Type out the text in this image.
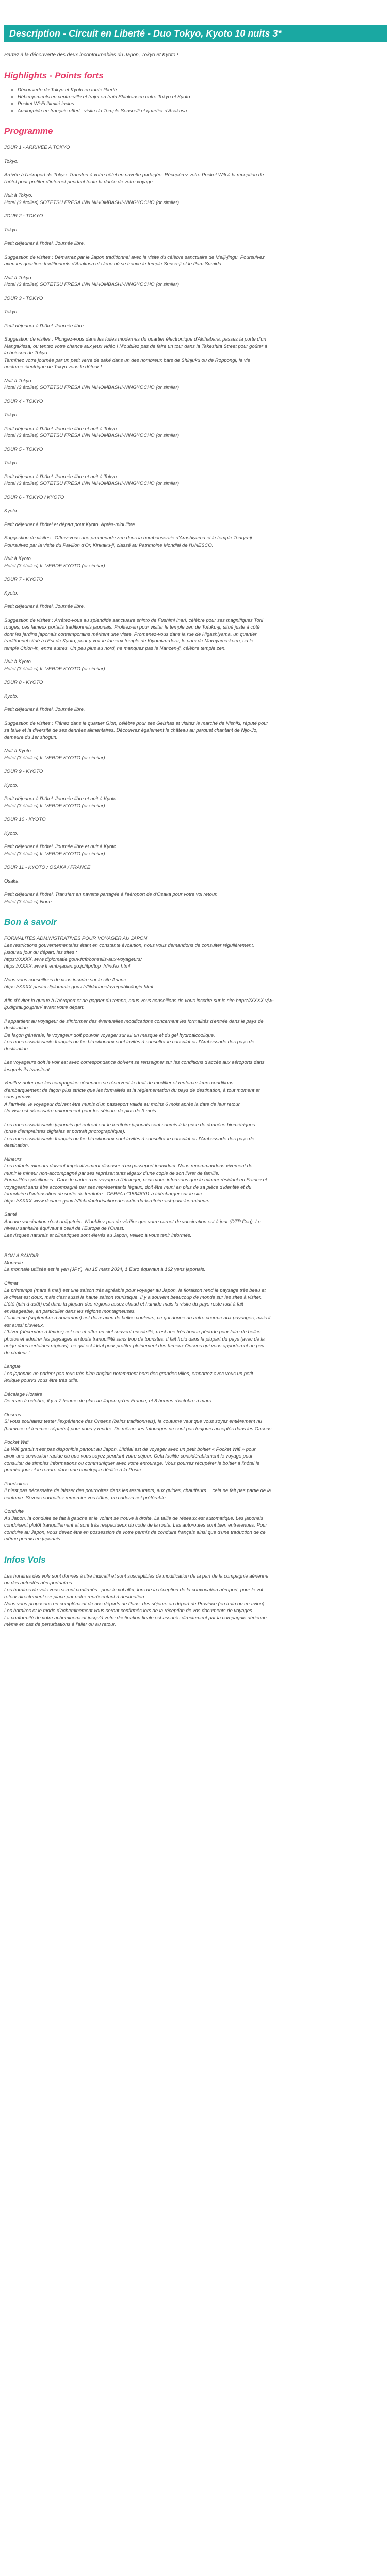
Description - Circuit en Liberté - Duo Tokyo, Kyoto 10 nuits 3*

Partez à la découverte des deux incontournables du Japon, Tokyo et Kyoto !

Highlights - Points forts
• Découverte de Tokyo et Kyoto en toute liberté
• Hébergements en centre-ville et trajet en train Shinkansen entre Tokyo et Kyoto
• Pocket Wi-Fi illimité inclus
• Audioguide en français offert : visite du Temple Senso-Ji et quartier d'Asakusa
Programme

JOUR 1 - ARRIVEE A TOKYO

Tokyo.

Arrivée à l'aéroport de Tokyo. Transfert à votre hôtel en navette partagée. Récupérez votre Pocket Wifi à la réception de

l'hôtel pour profiter d'internet pendant toute la durée de votre voyage.

Nuit à Tokyo.

Hotel (3 étoiles) SOTETSU FRESA INN NIHOMBASHI-NINGYOCHO (or similar)

JOUR 2 - TOKYO

Tokyo.

Petit déjeuner à l'hôtel. Journée libre.

Suggestion de visites : Démarrez par le Japon traditionnel avec la visite du célèbre sanctuaire de Meiji-jingu. Poursuivez

avec les quartiers traditionnels d'Asakusa et Ueno où se trouve le temple Senso-ji et le Parc Sumida.

Nuit à Tokyo.

Hotel (3 étoiles) SOTETSU FRESA INN NIHOMBASHI-NINGYOCHO (or similar)

JOUR 3 - TOKYO

Tokyo.

Petit déjeuner à l'hôtel. Journée libre.

Suggestion de visites : Plongez-vous dans les folles modernes du quartier électronique d'Akihabara, passez la porte d'un

Mangakissa, ou tentez votre chance aux jeux vidéo ! N'oubliez pas de faire un tour dans la Takeshita Street pour goûter à

la boisson de Tokyo.

Terminez votre journée par un petit verre de saké dans un des nombreux bars de Shinjuku ou de Roppongi, la vie

nocturne électrique de Tokyo vous le détour !

Nuit à Tokyo.

Hotel (3 étoiles) SOTETSU FRESA INN NIHOMBASHI-NINGYOCHO (or similar)

JOUR 4 - TOKYO

Tokyo.

Petit déjeuner à l'hôtel. Journée libre et nuit à Tokyo.

Hotel (3 étoiles) SOTETSU FRESA INN NIHOMBASHI-NINGYOCHO (or similar)

JOUR 5 - TOKYO

Tokyo.

Petit déjeuner à l'hôtel. Journée libre et nuit à Tokyo.

Hotel (3 étoiles) SOTETSU FRESA INN NIHOMBASHI-NINGYOCHO (or similar)

JOUR 6 - TOKYO / KYOTO

Kyoto.

Petit déjeuner à l'hôtel et départ pour Kyoto. Après-midi libre.

Suggestion de visites : Offrez-vous une promenade zen dans la bambouseraie d'Arashiyama et le temple Tenryu-ji.

Poursuivez par la visite du Pavillon d'Or, Kinkaku-ji, classé au Patrimoine Mondial de l'UNESCO.

Nuit à Kyoto.

Hotel (3 étoiles) IL VERDE KYOTO (or similar)

JOUR 7 - KYOTO

Kyoto.

Petit déjeuner à l'hôtel. Journée libre.

Suggestion de visites : Arrêtez-vous au splendide sanctuaire shinto de Fushimi Inari, célèbre pour ses magnifiques Torii

rouges, ces fameux portails traditionnels japonais. Profitez-en pour visiter le temple zen de Tofuku-ji, situé juste à côté

dont les jardins japonais contemporains méritent une visite. Promenez-vous dans la rue de Higashiyama, un quartier

traditionnel situé à l'Est de Kyoto, pour y voir le fameux temple de Kiyomizu-dera, le parc de Maruyama-koen, ou le

temple Chion-in, entre autres. Un peu plus au nord, ne manquez pas le Nanzen-ji, célèbre temple zen.

Nuit à Kyoto.

Hotel (3 étoiles) IL VERDE KYOTO (or similar)

JOUR 8 - KYOTO

Kyoto.

Petit déjeuner à l'hôtel. Journée libre.

Suggestion de visites : Flânez dans le quartier Gion, célèbre pour ses Geishas et visitez le marché de Nishiki, réputé pour

sa taille et la diversité de ses denrées alimentaires. Découvrez également le château au parquet chantant de Nijo-Jo,

demeure du 1er shogun.

Nuit à Kyoto.

Hotel (3 étoiles) IL VERDE KYOTO (or similar)

JOUR 9 - KYOTO

Kyoto.

Petit déjeuner à l'hôtel. Journée libre et nuit à Kyoto.

Hotel (3 étoiles) IL VERDE KYOTO (or similar)

JOUR 10 - KYOTO

Kyoto.

Petit déjeuner à l'hôtel. Journée libre et nuit à Kyoto.

Hotel (3 étoiles) IL VERDE KYOTO (or similar)

JOUR 11 - KYOTO / OSAKA / FRANCE

Osaka.

Petit déjeuner à l'hôtel. Transfert en navette partagée à l'aéroport de d'Osaka pour votre vol retour.

Hotel (3 étoiles) None.

Bon à savoir

FORMALITES ADMINISTRATIVES POUR VOYAGER AU JAPON

Les restrictions gouvernementales étant en constante évolution, nous vous demandons de consulter régulièrement,

jusqu'au jour du départ, les sites :

https://XXXX.www.diplomatie.gouv.fr/fr/conseils-aux-voyageurs/

https://XXXX.www.fr.emb-japan.go.jp/itpr/top_fr/index.html

Nous vous conseillons de vous inscrire sur le site Ariane :

https://XXXX.pastel.diplomatie.gouv.fr/fildariane/dyn/public/login.html

Afin d'éviter la queue à l'aéroport et de gagner du temps, nous vous conseillons de vous inscrire sur le site https://XXXX.vjw-

lp.digital.go.jp/en/ avant votre départ.

Il appartient au voyageur de s'informer des éventuelles modifications concernant les formalités d'entrée dans le pays de

destination.

De façon générale, le voyageur doit pouvoir voyager sur lui un masque et du gel hydroalcoolique.

Les non-ressortissants français ou les bi-nationaux sont invités à consulter le consulat ou l'Ambassade des pays de

destination.

Les voyageurs doit le voir est avec correspondance doivent se renseigner sur les conditions d'accès aux aéroports dans

lesquels ils transitent.

Veuillez noter que les compagnies aériennes se réservent le droit de modifier et renforcer leurs conditions

d'embarquement de façon plus stricte que les formalités et la réglementation du pays de destination, à tout moment et

sans préavis.

A l'arrivée, le voyageur doivent être munis d'un passeport valide au moins 6 mois après la date de leur retour.

Un visa est nécessaire uniquement pour les séjours de plus de 3 mois.

Les non-ressortissants japonais qui entrent sur le territoire japonais sont soumis à la prise de données biométriques

(prise d'empreintes digitales et portrait photographique).

Les non-ressortissants français ou les bi-nationaux sont invités à consulter le consulat ou l'Ambassade des pays de

destination.

Mineurs

Les enfants mineurs doivent impérativement disposer d'un passeport individuel. Nous recommandons vivement de

munir le mineur non-accompagné par ses représentants légaux d'une copie de son livret de famille.

Formalités spécifiques : Dans le cadre d'un voyage à l'étranger, nous vous informons que le mineur résidant en France et

voyageant sans être accompagné par ses représentants légaux, doit être muni en plus de sa pièce d'identité et du

formulaire d'autorisation de sortie de territoire : CERFA n°15646*01 à télécharger sur le site :

https://XXXX.www.douane.gouv.fr/fiche/autorisation-de-sortie-du-territoire-ast-pour-les-mineurs

Santé

Aucune vaccination n'est obligatoire. N'oubliez pas de vérifier que votre carnet de vaccination est à jour (DTP Coq). Le

niveau sanitaire équivaut à celui de l'Europe de l'Ouest.

Les risques naturels et climatiques sont élevés au Japon, veillez à vous tenir informés.

BON A SAVOIR

Monnaie

La monnaie utilisée est le yen (JPY). Au 15 mars 2024, 1 Euro équivaut à 162 yens japonais.

Climat

Le printemps (mars à mai) est une saison très agréable pour voyager au Japon, la floraison rend le paysage très beau et

le climat est doux, mais c'est aussi la haute saison touristique. Il y a souvent beaucoup de monde sur les sites à visiter.

L'été (juin à août) est dans la plupart des régions assez chaud et humide mais la visite du pays reste tout à fait

envisageable, en particulier dans les régions montagneuses.

L'automne (septembre à novembre) est doux avec de belles couleurs, ce qui donne un autre charme aux paysages, mais il

est aussi pluvieux.

L'hiver (décembre à février) est sec et offre un ciel souvent ensoleillé, c'est une très bonne période pour faire de belles

photos et admirer les paysages en toute tranquillité sans trop de touristes. Il fait froid dans la plupart du pays (avec de la

neige dans certaines régions), ce qui est idéal pour profiter pleinement des fameux Onsens qui vous apporteront un peu

de chaleur !

Langue

Les japonais ne parlent pas tous très bien anglais notamment hors des grandes villes, emportez avec vous un petit

lexique pourvu vous être très utile.

Décalage Horaire

De mars à octobre, il y a 7 heures de plus au Japon qu'en France, et 8 heures d'octobre à mars.

Onsens

Si vous souhaitez tester l'expérience des Onsens (bains traditionnels), la coutume veut que vous soyez entièrement nu

(hommes et femmes séparés) pour vous y rendre. De même, les tatouages ne sont pas toujours acceptés dans les Onsens.

Pocket Wifi

Le Wifi gratuit n'est pas disponible partout au Japon. L'idéal est de voyager avec un petit boitier « Pocket Wifi » pour

avoir une connexion rapide où que vous soyez pendant votre séjour. Cela facilite considérablement le voyage pour

consulter de simples informations ou communiquer avec votre entourage. Vous pourrez récupérer le boîtier à l'hôtel le

premier jour et le rendre dans une enveloppe dédiée à la Poste.

Pourboires

Il n'est pas nécessaire de laisser des pourboires dans les restaurants, aux guides, chauffeurs… cela ne fait pas partie de la

coutume. Si vous souhaitez remercier vos hôtes, un cadeau est préférable.

Conduite

Au Japon, la conduite se fait à gauche et le volant se trouve à droite. La taille de réseaux est automatique. Les japonais

conduisent plutôt tranquillement et sont très respectueux du code de la route. Les autoroutes sont bien entretenues. Pour

conduire au Japon, vous devez être en possession de votre permis de conduire français ainsi que d'une traduction de ce

même permis en japonais.

Infos Vols

Les horaires des vols sont donnés à titre indicatif et sont susceptibles de modification de la part de la compagnie aérienne

ou des autorités aéroportuaires.

Les horaires de vols vous seront confirmés : pour le vol aller, lors de la réception de la convocation aéroport, pour le vol

retour directement sur place par notre représentant à destination.

Nous vous proposons en complément de nos départs de Paris, des séjours au départ de Province (en train ou en avion).

Les horaires et le mode d'acheminement vous seront confirmés lors de la réception de vos documents de voyages.

La conformité de votre acheminement jusqu'à votre destination finale est assurée directement par la compagnie aérienne,

même en cas de perturbations à l'aller ou au retour.
